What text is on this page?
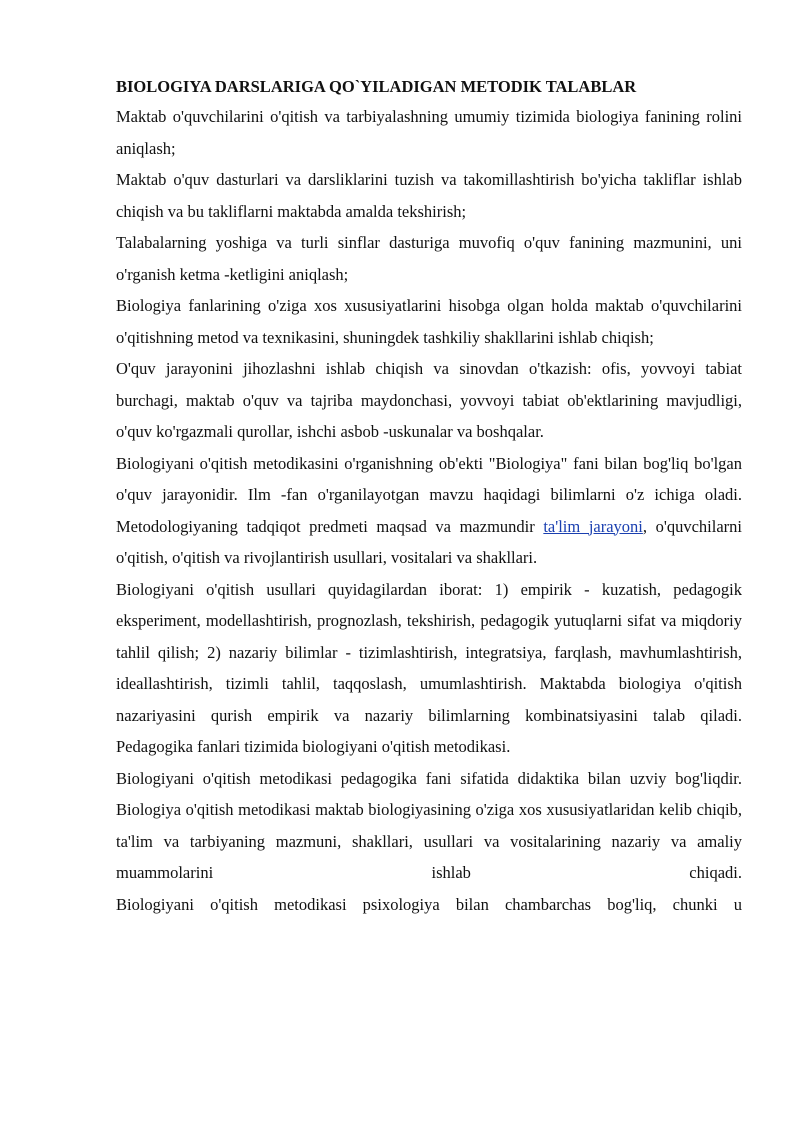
BIOLOGIYA DARSLARIGA QO`YILADIGAN METODIK TALABLAR

Maktab o'quvchilarini o'qitish va tarbiyalashning umumiy tizimida biologiya fanining rolini aniqlash;

Maktab o'quv dasturlari va darsliklarini tuzish va takomillashtirish bo'yicha takliflar ishlab chiqish va bu takliflarni maktabda amalda tekshirish;

Talabalarning yoshiga va turli sinflar dasturiga muvofiq o'quv fanining mazmunini, uni o'rganish ketma -ketligini aniqlash;

Biologiya fanlarining o'ziga xos xususiyatlarini hisobga olgan holda maktab o'quvchilarini o'qitishning metod va texnikasini, shuningdek tashkiliy shakllarini ishlab chiqish;

O'quv jarayonini jihozlashni ishlab chiqish va sinovdan o'tkazish: ofis, yovvoyi tabiat burchagi, maktab o'quv va tajriba maydonchasi, yovvoyi tabiat ob'ektlarining mavjudligi, o'quv ko'rgazmali qurollar, ishchi asbob -uskunalar va boshqalar.

Biologiyani o'qitish metodikasini o'rganishning ob'ekti "Biologiya" fani bilan bog'liq bo'lgan o'quv jarayonidir. Ilm -fan o'rganilayotgan mavzu haqidagi bilimlarni o'z ichiga oladi. Metodologiyaning tadqiqot predmeti maqsad va mazmundir ta'lim jarayoni, o'quvchilarni o'qitish, o'qitish va rivojlantirish usullari, vositalari va shakllari.

Biologiyani o'qitish usullari quyidagilardan iborat: 1) empirik - kuzatish, pedagogik eksperiment, modellashtirish, prognozlash, tekshirish, pedagogik yutuqlarni sifat va miqdoriy tahlil qilish; 2) nazariy bilimlar - tizimlashtirish, integratsiya, farqlash, mavhumlashtirish, ideallashtirish, tizimli tahlil, taqqoslash, umumlashtirish. Maktabda biologiya o'qitish nazariyasini qurish empirik va nazariy bilimlarning kombinatsiyasini talab qiladi.

Pedagogika fanlari tizimida biologiyani o'qitish metodikasi.

Biologiyani o'qitish metodikasi pedagogika fani sifatida didaktika bilan uzviy bog'liqdir. Biologiya o'qitish metodikasi maktab biologiyasining o'ziga xos xususiyatlaridan kelib chiqib, ta'lim va tarbiyaning mazmuni, shakllari, usullari va vositalarining nazariy va amaliy muammolarini ishlab chiqadi.

Biologiyani o'qitish metodikasi psixologiya bilan chambarchas bog'liq, chunki u
